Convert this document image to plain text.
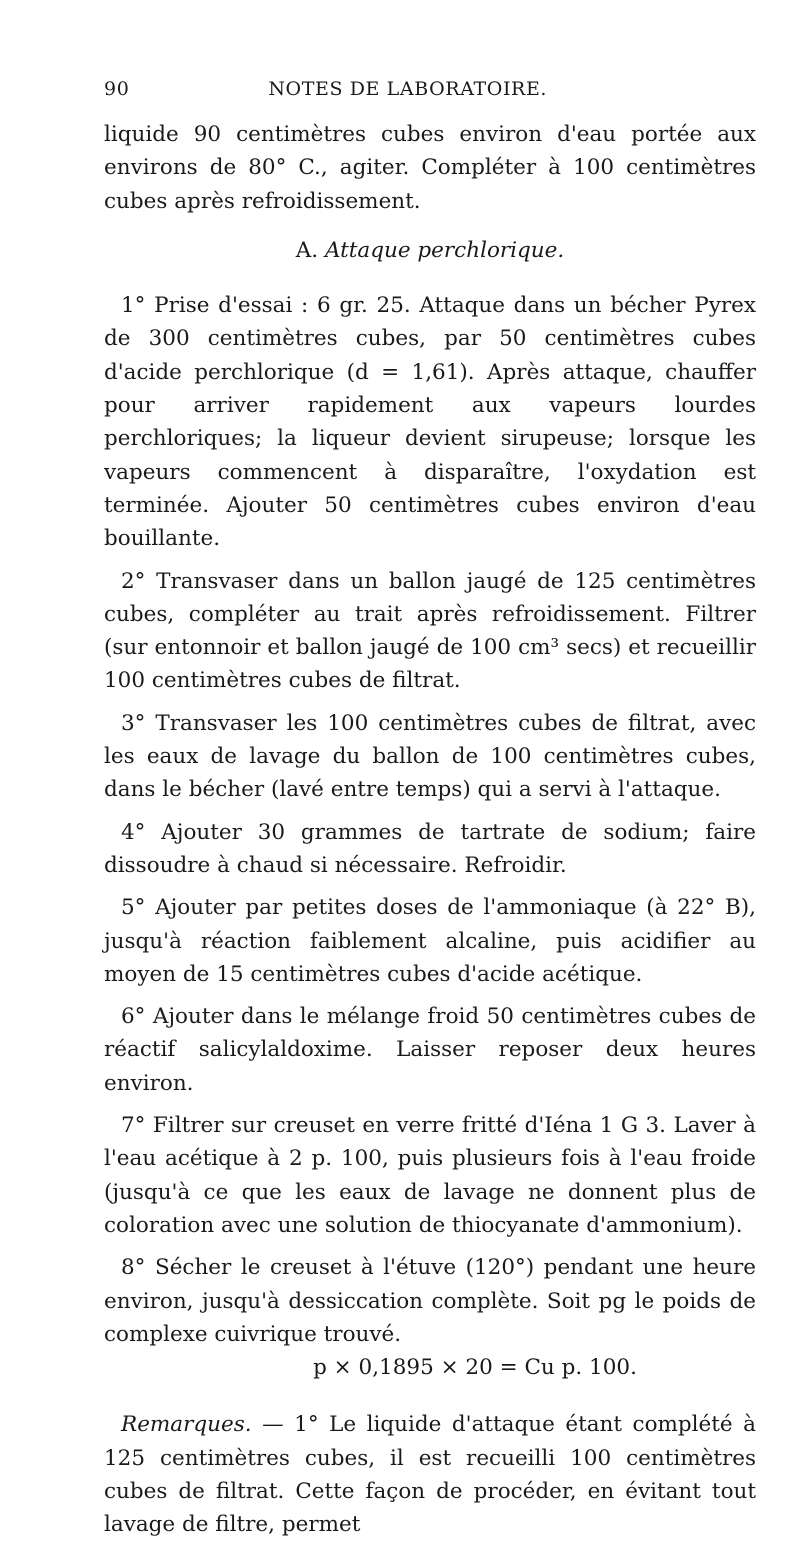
90	NOTES DE LABORATOIRE.

liquide 90 centimètres cubes environ d'eau portée aux environs de 80° C., agiter. Compléter à 100 centimètres cubes après refroidissement.

A. Attaque perchlorique.

1° Prise d'essai : 6 gr. 25. Attaque dans un bécher Pyrex de 300 centimètres cubes, par 50 centimètres cubes d'acide perchlorique (d = 1,61). Après attaque, chauffer pour arriver rapidement aux vapeurs lourdes perchloriques; la liqueur devient sirupeuse; lorsque les vapeurs commencent à disparaître, l'oxydation est terminée. Ajouter 50 centimètres cubes environ d'eau bouillante.

2° Transvaser dans un ballon jaugé de 125 centimètres cubes, compléter au trait après refroidissement. Filtrer (sur entonnoir et ballon jaugé de 100 cm³ secs) et recueillir 100 centimètres cubes de filtrat.

3° Transvaser les 100 centimètres cubes de filtrat, avec les eaux de lavage du ballon de 100 centimètres cubes, dans le bécher (lavé entre temps) qui a servi à l'attaque.

4° Ajouter 30 grammes de tartrate de sodium; faire dissoudre à chaud si nécessaire. Refroidir.

5° Ajouter par petites doses de l'ammoniaque (à 22° B), jusqu'à réaction faiblement alcaline, puis acidifier au moyen de 15 centimètres cubes d'acide acétique.

6° Ajouter dans le mélange froid 50 centimètres cubes de réactif salicylaldoxime. Laisser reposer deux heures environ.

7° Filtrer sur creuset en verre fritté d'Iéna 1 G 3. Laver à l'eau acétique à 2 p. 100, puis plusieurs fois à l'eau froide (jusqu'à ce que les eaux de lavage ne donnent plus de coloration avec une solution de thiocyanate d'ammonium).

8° Sécher le creuset à l'étuve (120°) pendant une heure environ, jusqu'à dessiccation complète. Soit pg le poids de complexe cuivrique trouvé.

p × 0,1895 × 20 = Cu p. 100.

Remarques. — 1° Le liquide d'attaque étant complété à 125 centimètres cubes, il est recueilli 100 centimètres cubes de filtrat. Cette façon de procéder, en évitant tout lavage de filtre, permet
